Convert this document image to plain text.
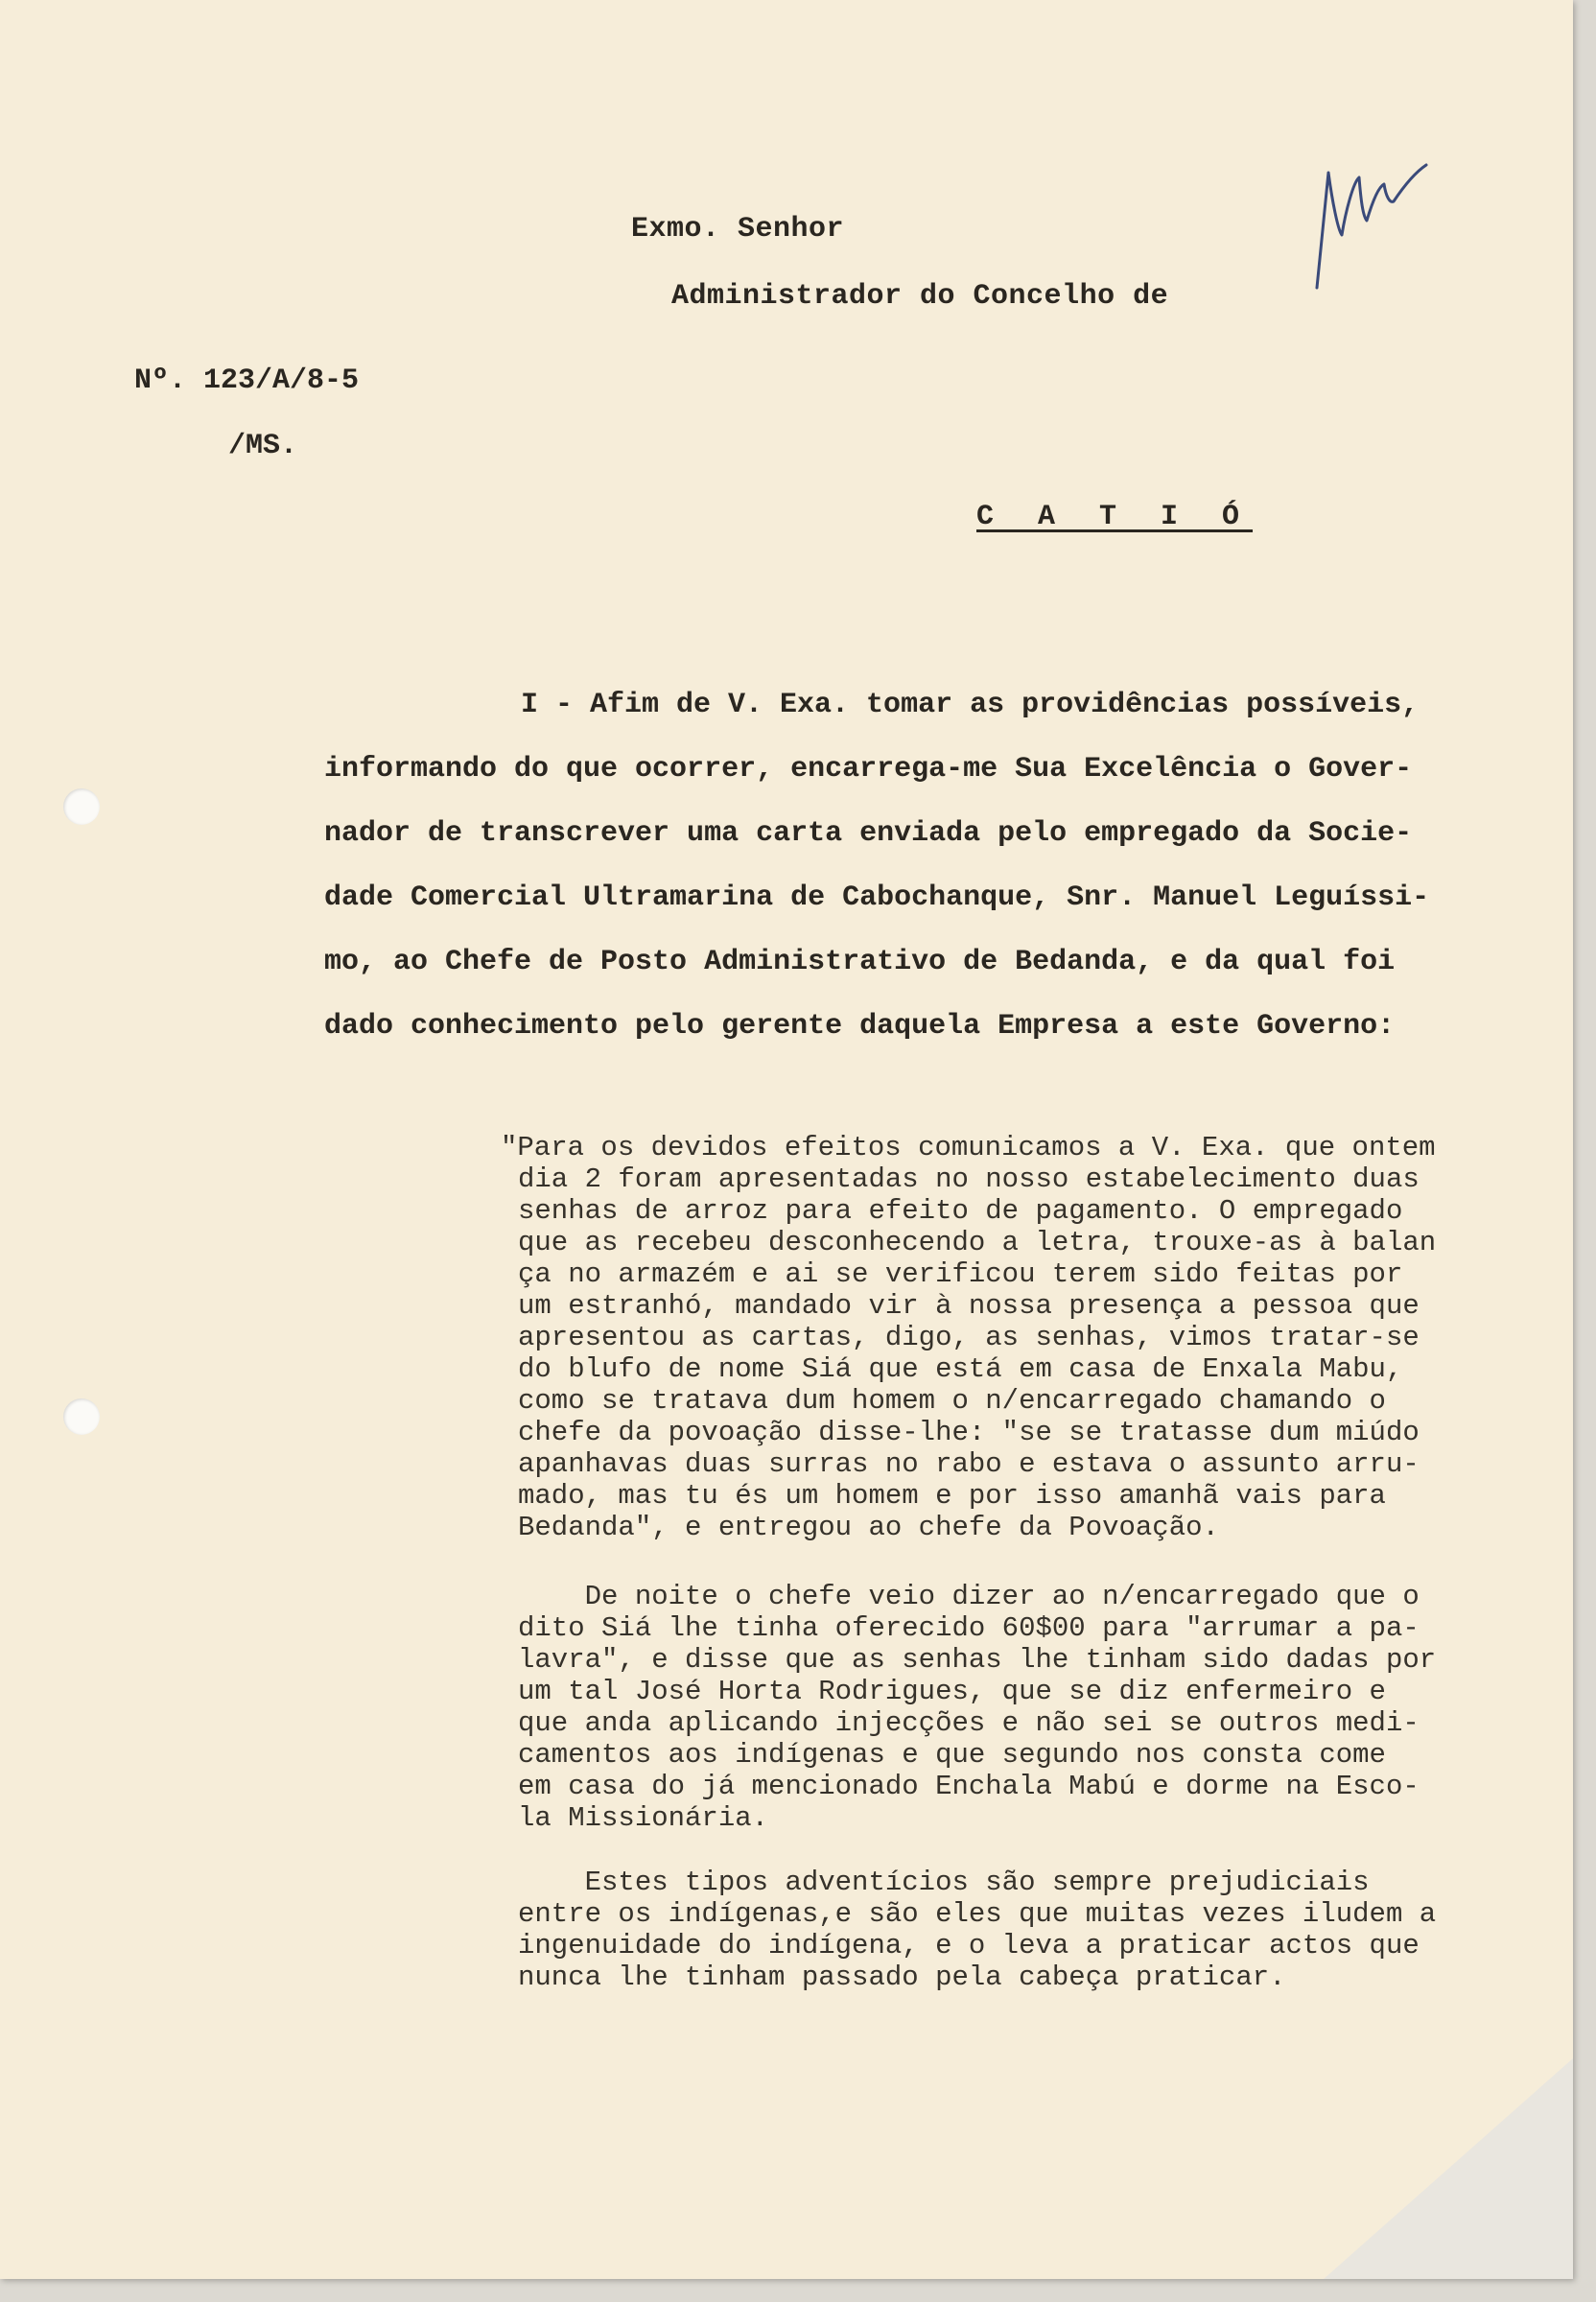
Exmo. Senhor
Administrador do Concelho de
Nº. 123/A/8-5
/MS.
C A T I Ó
I - Afim de V. Exa. tomar as providências possíveis,
informando do que ocorrer, encarrega-me Sua Excelência o Gover-
nador de transcrever uma carta enviada pelo empregado da Socie-
dade Comercial Ultramarina de Cabochanque, Snr. Manuel Leguíssi-
mo, ao Chefe de Posto Administrativo de Bedanda, e da qual foi
dado conhecimento pelo gerente daquela Empresa a este Governo:
"Para os devidos efeitos comunicamos a V. Exa. que ontem
dia 2 foram apresentadas no nosso estabelecimento duas
senhas de arroz para efeito de pagamento. O empregado
que as recebeu desconhecendo a letra, trouxe-as à balan
ça no armazém e ai se verificou terem sido feitas por
um estranhó, mandado vir à nossa presença a pessoa que
apresentou as cartas, digo, as senhas, vimos tratar-se
do blufo de nome Siá que está em casa de Enxala Mabu,
como se tratava dum homem o n/encarregado chamando o
chefe da povoação disse-lhe: "se se tratasse dum miúdo
apanhavas duas surras no rabo e estava o assunto arru-
mado, mas tu és um homem e por isso amanhã vais para
Bedanda", e entregou ao chefe da Povoação.
De noite o chefe veio dizer ao n/encarregado que o
dito Siá lhe tinha oferecido 60$00 para "arrumar a pa-
lavra", e disse que as senhas lhe tinham sido dadas por
um tal José Horta Rodrigues, que se diz enfermeiro e
que anda aplicando injecções e não sei se outros medi-
camentos aos indígenas e que segundo nos consta come
em casa do já mencionado Enchala Mabú e dorme na Esco-
la Missionária.
Estes tipos adventícios são sempre prejudiciais
entre os indígenas,e são eles que muitas vezes iludem a
ingenuidade do indígena, e o leva a praticar actos que
nunca lhe tinham passado pela cabeça praticar.
